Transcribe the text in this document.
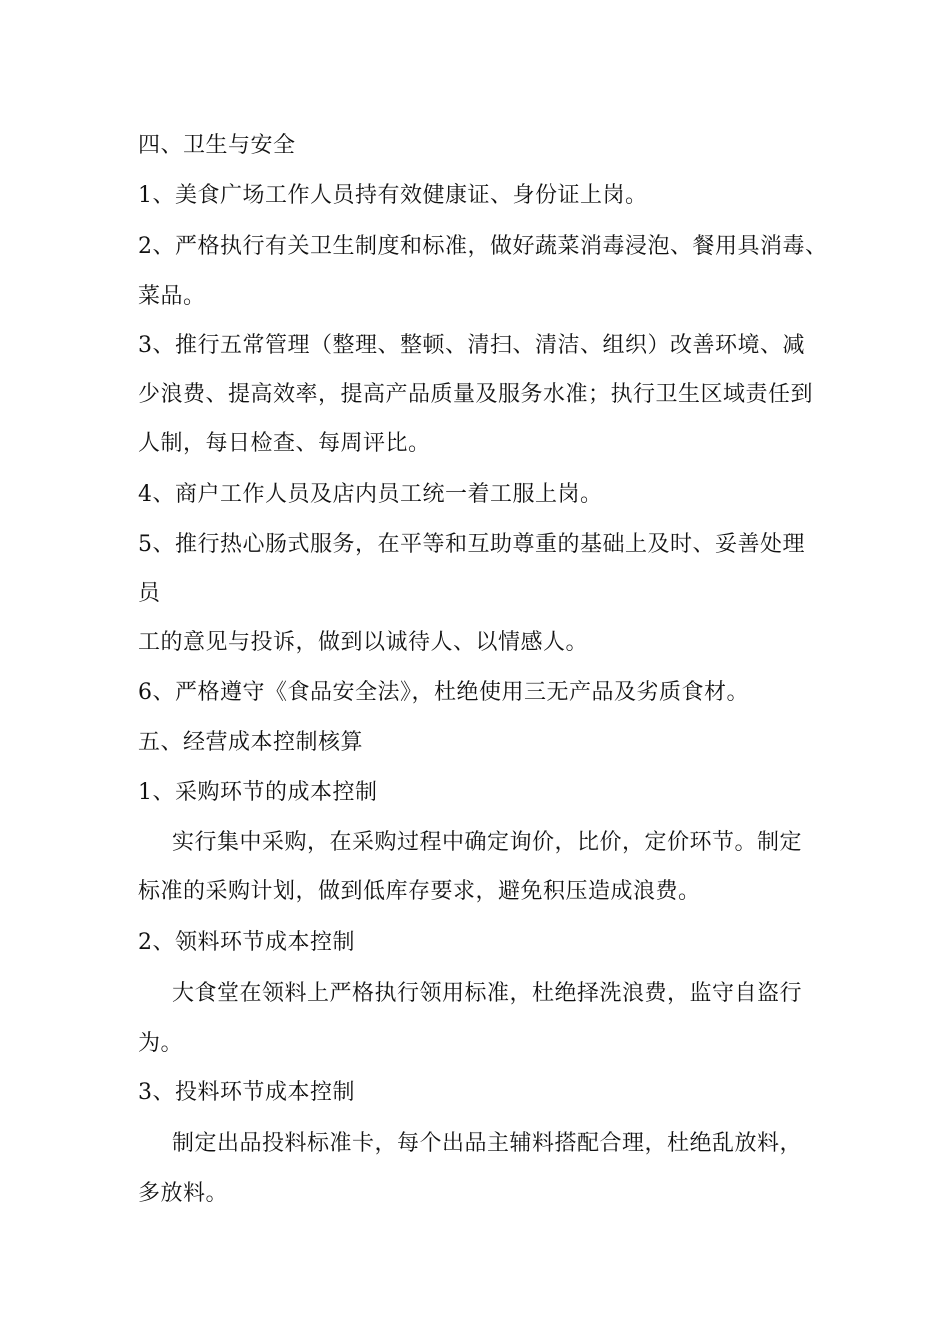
四、卫生与安全
1、美食广场工作人员持有效健康证、身份证上岗。
2、严格执行有关卫生制度和标准，做好蔬菜消毒浸泡、餐用具消毒、
菜品。
3、推行五常管理（整理、整顿、清扫、清洁、组织）改善环境、减
少浪费、提高效率，提高产品质量及服务水准；执行卫生区域责任到
人制，每日检查、每周评比。
4、商户工作人员及店内员工统一着工服上岗。
5、推行热心肠式服务，在平等和互助尊重的基础上及时、妥善处理
员
工的意见与投诉，做到以诚待人、以情感人。
6、严格遵守《食品安全法》，杜绝使用三无产品及劣质食材。
五、经营成本控制核算
1、采购环节的成本控制
实行集中采购，在采购过程中确定询价，比价，定价环节。制定
标准的采购计划，做到低库存要求，避免积压造成浪费。
2、领料环节成本控制
大食堂在领料上严格执行领用标准，杜绝择洗浪费，监守自盗行
为。
3、投料环节成本控制
制定出品投料标准卡，每个出品主辅料搭配合理，杜绝乱放料，
多放料。
